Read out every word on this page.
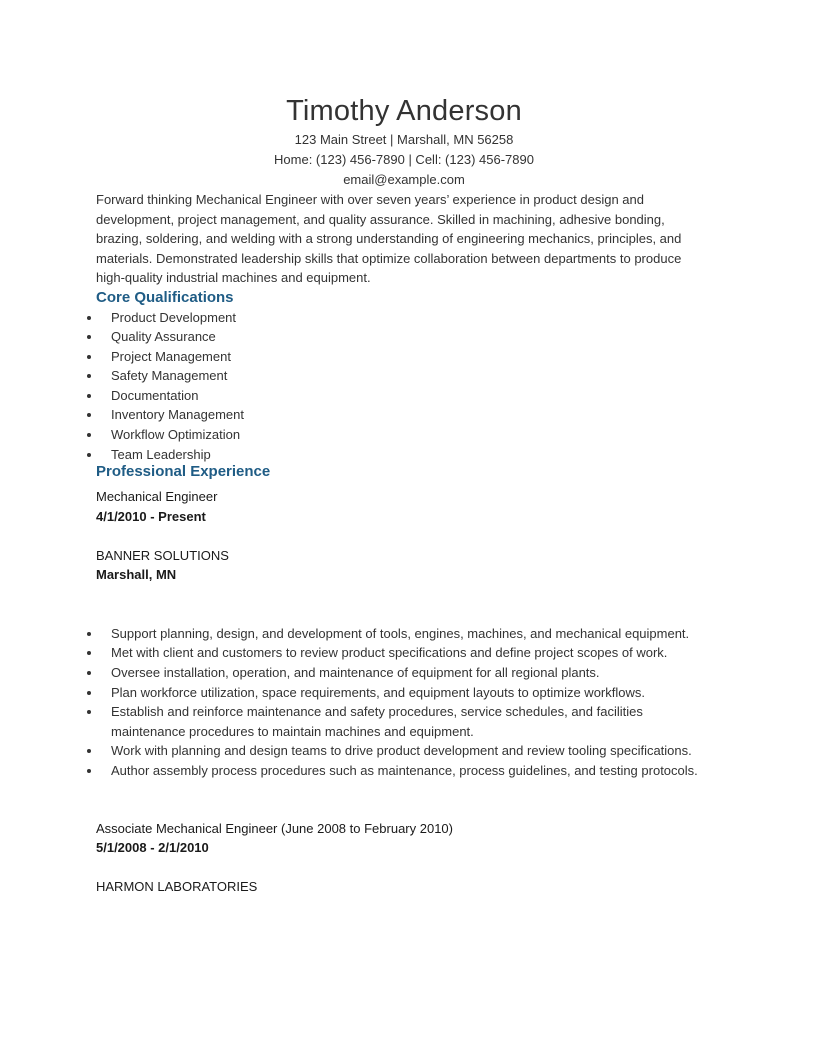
Timothy Anderson
123 Main Street | Marshall, MN 56258
Home: (123) 456-7890 | Cell: (123) 456-7890
email@example.com

Forward thinking Mechanical Engineer with over seven years’ experience in product design and development, project management, and quality assurance. Skilled in machining, adhesive bonding, brazing, soldering, and welding with a strong understanding of engineering mechanics, principles, and materials. Demonstrated leadership skills that optimize collaboration between departments to produce high-quality industrial machines and equipment.

Core Qualifications
Product Development
Quality Assurance
Project Management
Safety Management
Documentation
Inventory Management
Workflow Optimization
Team Leadership
Professional Experience
Mechanical Engineer
4/1/2010 - Present
BANNER SOLUTIONS
Marshall, MN
Support planning, design, and development of tools, engines, machines, and mechanical equipment.
Met with client and customers to review product specifications and define project scopes of work.
Oversee installation, operation, and maintenance of equipment for all regional plants.
Plan workforce utilization, space requirements, and equipment layouts to optimize workflows.
Establish and reinforce maintenance and safety procedures, service schedules, and facilities maintenance procedures to maintain machines and equipment.
Work with planning and design teams to drive product development and review tooling specifications.
Author assembly process procedures such as maintenance, process guidelines, and testing protocols.
Associate Mechanical Engineer (June 2008 to February 2010)
5/1/2008 - 2/1/2010
HARMON LABORATORIES
